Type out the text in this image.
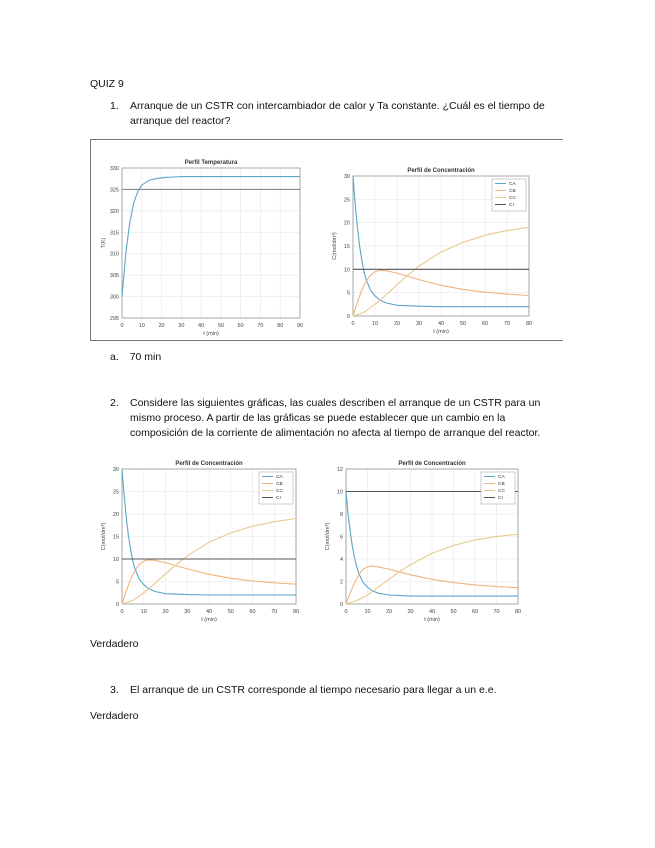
QUIZ 9
1. Arranque de un CSTR con intercambiador de calor y Ta constante. ¿Cuál es el tiempo de arranque del reactor?
0	10 20 30 40 50 60 70 80 90
295
300
305
310
315
320
325
330
Perfil Temperatura
t (min)
T(K)
0	10	20	30	40	50	60	70	80
0
5
10
15
20
25
30
Perfil de Concentración
t (min)
C(mol/dm³)
CA
CB
CC
CI
a. 70 min
2. Considere las siguientes gráficas, las cuales describen el arranque de un CSTR para un mismo proceso. A partir de las gráficas se puede establecer que un cambio en la composición de la corriente de alimentación no afecta al tiempo de arranque del reactor.
0	10	20	30	40	50	60	70	80
0
5
10
15
20
25
30
Perfil de Concentración
t (min)
C(mol/dm³)
CA
CB
CC
CI
0	10	20	30	40	50	60	70	80
0
2
4
6
8
10
12
Perfil de Concentración
t (min)
C(mol/dm³)
CA
CB
CC
CI
Verdadero
3. El arranque de un CSTR corresponde al tiempo necesario para llegar a un e.e.
Verdadero
